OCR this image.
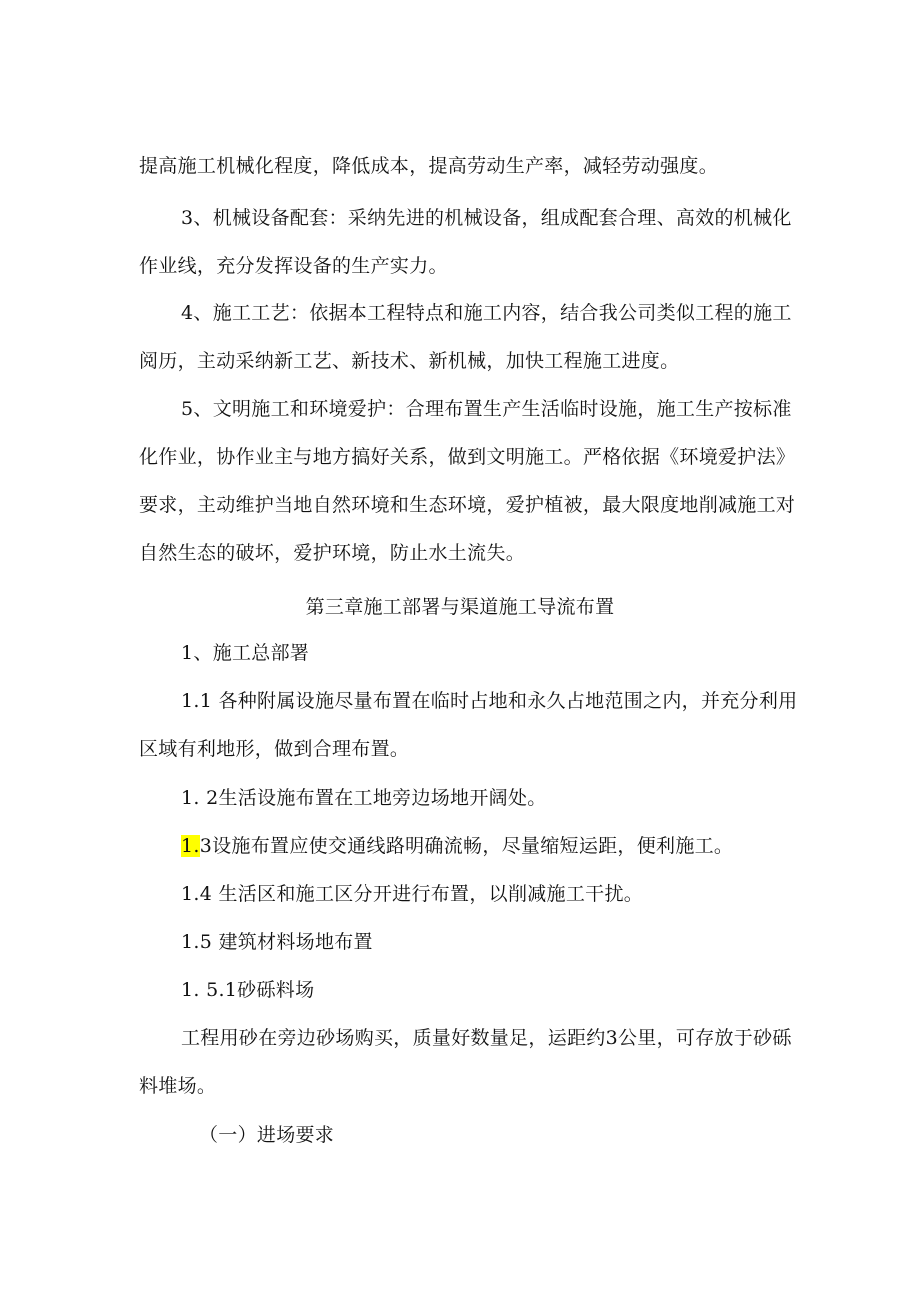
提高施工机械化程度，降低成本，提高劳动生产率，减轻劳动强度。
3、机械设备配套：采纳先进的机械设备，组成配套合理、高效的机械化
作业线，充分发挥设备的生产实力。
4、施工工艺：依据本工程特点和施工内容，结合我公司类似工程的施工
阅历，主动采纳新工艺、新技术、新机械，加快工程施工进度。
5、文明施工和环境爱护：合理布置生产生活临时设施，施工生产按标准
化作业，协作业主与地方搞好关系，做到文明施工。严格依据《环境爱护法》
要求，主动维护当地自然环境和生态环境，爱护植被，最大限度地削减施工对
自然生态的破坏，爱护环境，防止水土流失。
第三章施工部署与渠道施工导流布置
1、施工总部署
1.1 各种附属设施尽量布置在临时占地和永久占地范围之内，并充分利用
区域有利地形，做到合理布置。
1. 2生活设施布置在工地旁边场地开阔处。
1.3设施布置应使交通线路明确流畅，尽量缩短运距，便利施工。
1.4 生活区和施工区分开进行布置，以削减施工干扰。
1.5 建筑材料场地布置
1. 5.1砂砾料场
工程用砂在旁边砂场购买，质量好数量足，运距约3公里，可存放于砂砾
料堆场。
（一）进场要求
